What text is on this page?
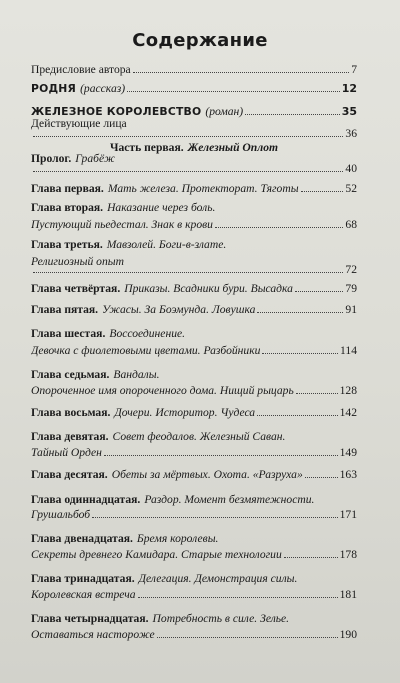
Содержание
Предисловие автора	7
РОДНЯ (рассказ)	12
ЖЕЛЕЗНОЕ КОРОЛЕВСТВО (роман)	35
Действующие лица
36
Часть первая. Железный Оплот
Пролог. Грабёж
40
Глава первая. Мать железа. Протекторат. Тяготы	52
Глава вторая. Наказание через боль.
Пустующий пьедестал. Знак в крови	68
Глава третья. Мавзолей. Боги-в-злате.
Религиозный опыт
72
Глава четвёртая. Приказы. Всадники бури. Высадка	79
Глава пятая. Ужасы. За Боэмунда. Ловушка	91
Глава шестая. Воссоединение.
Девочка с фиолетовыми цветами. Разбойники	114
Глава седьмая. Вандалы.
Опороченное имя опороченного дома. Нищий рыцарь	128
Глава восьмая. Дочери. Историтор. Чудеса	142
Глава девятая. Совет феодалов. Железный Саван.
Тайный Орден	149
Глава десятая. Обеты за мёртвых. Охота. «Разруха»	163
Глава одиннадцатая. Раздор. Момент безмятежности.
Грушальбоб	171
Глава двенадцатая. Бремя королевы.
Секреты древнего Камидара. Старые технологии	178
Глава тринадцатая. Делегация. Демонстрация силы.
Королевская встреча	181
Глава четырнадцатая. Потребность в силе. Зелье.
Оставаться настороже	190
